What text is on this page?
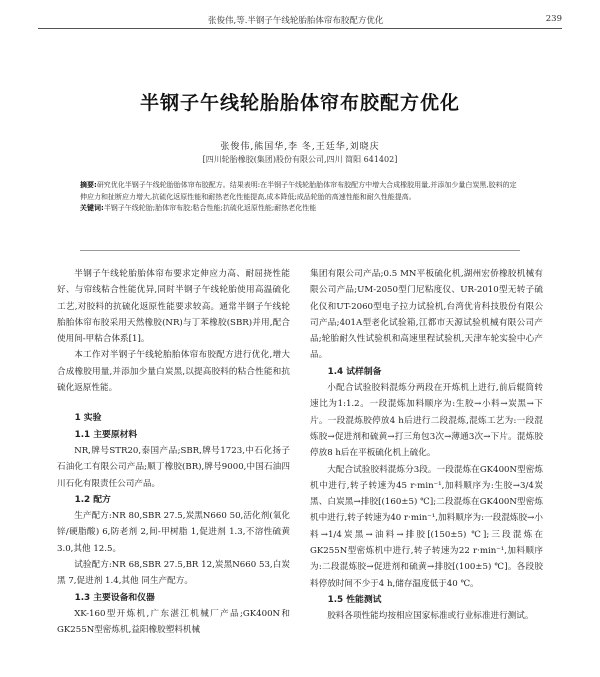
张俊伟,等.半钢子午线轮胎胎体帘布胶配方优化	239
半钢子午线轮胎胎体帘布胶配方优化
张俊伟,熊国华,李 冬,王廷华,刘晓庆
[四川轮胎橡胶(集团)股份有限公司,四川 简阳 641402]
摘要:研究优化半钢子午线轮胎胎体帘布胶配方。结果表明:在半钢子午线轮胎胎体帘布胶配方中增大合成橡胶用量,并添加少量白炭黑,胶料的定伸应力和扯断应力增大,抗硫化返原性能和耐热老化性能提高,成本降低;成品轮胎的高速性能和耐久性能提高。
关键词:半钢子午线轮胎;胎体帘布胶;粘合性能;抗硫化返原性能;耐热老化性能

半钢子午线轮胎胎体帘布要求定伸应力高、耐屈挠性能好、与帘线粘合性能优异,同时半钢子午线轮胎使用高温硫化工艺,对胶料的抗硫化返原性能要求较高。通常半钢子午线轮胎胎体帘布胶采用天然橡胶(NR)与丁苯橡胶(SBR)并用,配合使用间-甲粘合体系[1]。

本工作对半钢子午线轮胎胎体帘布胶配方进行优化,增大合成橡胶用量,并添加少量白炭黑,以提高胶料的粘合性能和抗硫化返原性能。

1 实验

1.1 主要原材料

NR,牌号STR20,泰国产品;SBR,牌号1723,中石化扬子石油化工有限公司产品;顺丁橡胶(BR),牌号9000,中国石油四川石化有限责任公司产品。

1.2 配方

生产配方:NR 80,SBR 27.5,炭黑N660 50,活化剂(氧化锌/硬脂酸) 6,防老剂 2,间-甲树脂 1,促进剂 1.3,不溶性硫黄 3.0,其他 12.5。

试验配方:NR 68,SBR 27.5,BR 12,炭黑N660 53,白炭黑 7,促进剂 1.4,其他 同生产配方。

1.3 主要设备和仪器

XK-160型开炼机,广东湛江机械厂产品;GK400N和GK255N型密炼机,益阳橡胶塑料机械

集团有限公司产品;0.5 MN平板硫化机,湖州宏侨橡胶机械有限公司产品;UM-2050型门尼粘度仪、UR-2010型无转子硫化仪和UT-2060型电子拉力试验机,台湾优肯科技股份有限公司产品;401A型老化试验箱,江都市天源试验机械有限公司产品;轮胎耐久性试验机和高速里程试验机,天津车轮实验中心产品。

1.4 试样制备

小配合试验胶料混炼分两段在开炼机上进行,前后辊筒转速比为1:1.2。一段混炼加料顺序为:生胶→小料→炭黑→下片。一段混炼胶停放4 h后进行二段混炼,混炼工艺为:一段混炼胶→促进剂和硫黄→打三角包3次→薄通3次→下片。混炼胶停放8 h后在平板硫化机上硫化。

大配合试验胶料混炼分3段。一段混炼在GK400N型密炼机中进行,转子转速为45 r·min⁻¹,加料顺序为:生胶→3/4炭黑、白炭黑→排胶[(160±5) ℃];二段混炼在GK400N型密炼机中进行,转子转速为40 r·min⁻¹,加料顺序为:一段混炼胶→小料→1/4炭黑→油料→排胶[(150±5) ℃];三段混炼在GK255N型密炼机中进行,转子转速为22 r·min⁻¹,加料顺序为:二段混炼胶→促进剂和硫黄→排胶[(100±5) ℃]。各段胶料停放时间不少于4 h,储存温度低于40 ℃。

1.5 性能测试

胶料各项性能均按相应国家标准或行业标准进行测试。
